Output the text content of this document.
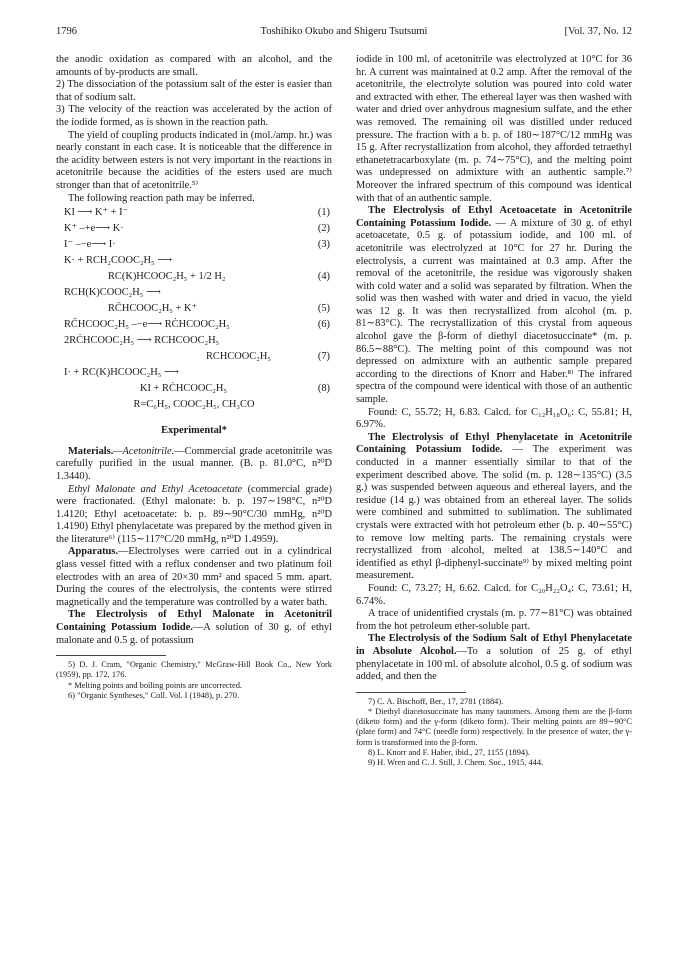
1796	Toshihiko Okubo and Shigeru Tsutsumi	[Vol. 37, No. 12

the anodic oxidation as compared with an alcohol, and the amounts of by-products are small.

2) The dissociation of the potassium salt of the ester is easier than that of sodium salt.

3) The velocity of the reaction was accelerated by the action of the iodide formed, as is shown in the reaction path.

The yield of coupling products indicated in (mol./amp. hr.) was nearly constant in each case. It is noticeable that the difference in the acidity between esters is not very important in the reactions in acetonitrile because the acidities of the esters used are much stronger than that of acetonitrile.⁵⁾

The following reaction path may be inferred.

KI ⟶ K⁺ + I⁻	(1)
K⁺ –+e⟶ K·	(2)
I⁻ –−e⟶ I·	(3)
K· + RCH₂COOC₂H₅ ⟶
RC(K)HCOOC₂H₅ + 1/2 H₂	(4)
RCH(K)COOC₂H₅ ⟶
RC̄HCOOC₂H₅ + K⁺	(5)
RC̄HCOOC₂H₅ –−e⟶ RĊHCOOC₂H₅	(6)
2RĊHCOOC₂H₅ ⟶ RCHCOOC₂H₅
RCHCOOC₂H₅	(7)
I· + RC(K)HCOOC₂H₅ ⟶
KI + RĊHCOOC₂H₅	(8)
R=C₆H₅, COOC₂H₅, CH₃CO
Experimental*

Materials.—Acetonitrile.—Commercial grade acetonitrile was carefully purified in the usual manner. (B. p. 81.0°C, n²⁰D 1.3440).

Ethyl Malonate and Ethyl Acetoacetate (commercial grade) were fractionated. (Ethyl malonate: b. p. 197∼198°C, n²⁰D 1.4120; Ethyl acetoacetate: b. p. 89∼90°C/30 mmHg, n²⁰D 1.4190) Ethyl phenylacetate was prepared by the method given in the literature⁶⁾ (115∼117°C/20 mmHg, n²⁰D 1.4959).

Apparatus.—Electrolyses were carried out in a cylindrical glass vessel fitted with a reflux condenser and two platinum foil electrodes with an area of 20×30 mm² and spaced 5 mm. apart. During the coures of the electrolysis, the contents were stirred magnetically and the temperature was controlled by a water bath.

The Electrolysis of Ethyl Malonate in Acetonitril Containing Potassium Iodide.—A solution of 30 g. of ethyl malonate and 0.5 g. of potassium

5) D. J. Cram, "Organic Chemistry," McGraw-Hill Book Co., New York (1959), pp. 172, 176.

* Melting points and boiling points are uncorrected.

6) "Organic Syntheses," Coll. Vol. I (1948), p. 270.

iodide in 100 ml. of acetonitrile was electrolyzed at 10°C for 36 hr. A current was maintained at 0.2 amp. After the removal of the acetonitrile, the electrolyte solution was poured into cold water and extracted with ether. The ethereal layer was then washed with water and dried over anhydrous magnesium sulfate, and the ether was removed. The remaining oil was distilled under reduced pressure. The fraction with a b. p. of 180∼187°C/12 mmHg was 15 g. After recrystallization from alcohol, they afforded tetraethyl ethanetetracarboxylate (m. p. 74∼75°C), and the melting point was undepressed on admixture with an authentic sample.⁷⁾ Moreover the infrared spectrum of this compound was identical with that of an authentic sample.

The Electrolysis of Ethyl Acetoacetate in Acetonitrile Containing Potassium Iodide. — A mixture of 30 g. of ethyl acetoacetate, 0.5 g. of potassium iodide, and 100 ml. of acetonitrile was electrolyzed at 10°C for 27 hr. During the electrolysis, a current was maintained at 0.3 amp. After the removal of the acetonitrile, the residue was vigorously shaken with cold water and a solid was separated by filtration. When the solid was then washed with water and dried in vacuo, the yield was 12 g. It was then recrystallized from alcohol (m. p. 81∼83°C). The recrystallization of this crystal from aqueous alcohol gave the β-form of diethyl diacetosuccinate* (m. p. 86.5∼88°C). The melting point of this compound was not depressed on admixture with an authentic sample prepared according to the directions of Knorr and Haber.⁸⁾ The infrared spectra of the compound were identical with those of an authentic sample.

Found: C, 55.72; H, 6.83. Calcd. for C₁₂H₁₈O₆: C, 55.81; H, 6.97%.

The Electrolysis of Ethyl Phenylacetate in Acetonitrile Containing Potassium Iodide. — The experiment was conducted in a manner essentially similar to that of the experiment described above. The solid (m. p. 128∼135°C) (3.5 g.) was suspended between aqueous and ethereal layers, and the residue (14 g.) was obtained from an ethereal layer. The solids were combined and submitted to sublimation. The sublimated crystals were extracted with hot petroleum ether (b. p. 40∼55°C) to remove low melting parts. The remaining crystals were recrystallized from alcohol, melted at 138.5∼140°C and identified as ethyl β-diphenyl-succinate⁹⁾ by mixed melting point measurement.

Found: C, 73.27; H, 6.62. Calcd. for C₂₀H₂₂O₄: C, 73.61; H, 6.74%.

A trace of unidentified crystals (m. p. 77∼81°C) was obtained from the hot petroleum ether-soluble part.

The Electrolysis of the Sodium Salt of Ethyl Phenylacetate in Absolute Alcohol.—To a solution of 25 g. of ethyl phenylacetate in 100 ml. of absolute alcohol, 0.5 g. of sodium was added, and then the

7) C. A. Bischoff, Ber., 17, 2781 (1884).

* Diethyl diacetosuccinate has many tautomers. Among them are the β-form (diketo form) and the γ-form (diketo form). Their melting points are 89∼90°C (plate form) and 74°C (needle form) respectively. In the presence of water, the γ-form is transformed into the β-form.

8) L. Knorr and F. Haber, ibid., 27, 1155 (1894).

9) H. Wren and C. J. Still, J. Chem. Soc., 1915, 444.
